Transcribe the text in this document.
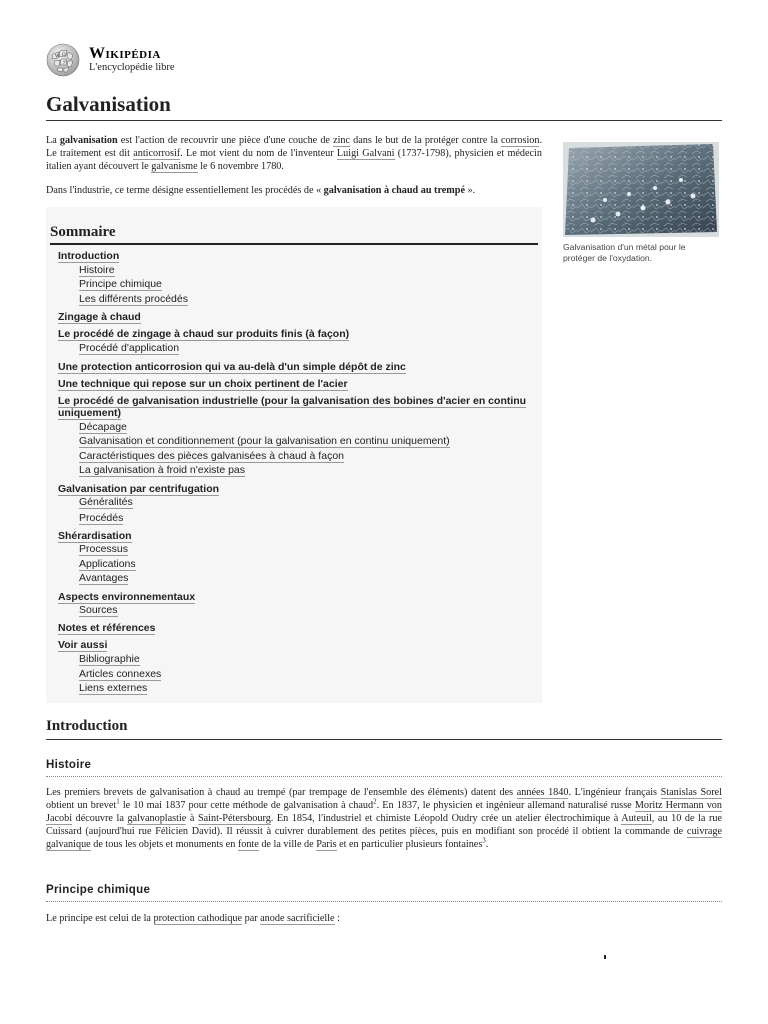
W Ω
ア
Wikipédia
L'encyclopédie libre
Galvanisation

La galvanisation est l'action de recouvrir une pièce d'une couche de zinc dans le but de la protéger contre la corrosion. Le traitement est dit anticorrosif. Le mot vient du nom de l'inventeur Luigi Galvani (1737-1798), physicien et médecin italien ayant découvert le galvanisme le 6 novembre 1780.

Dans l'industrie, ce terme désigne essentiellement les procédés de « galvanisation à chaud au trempé ».

Galvanisation d'un métal pour le protéger de l'oxydation.
Sommaire
Introduction
Histoire
Principe chimique
Les différents procédés
Zingage à chaud
Le procédé de zingage à chaud sur produits finis (à façon)
Procédé d'application
Une protection anticorrosion qui va au-delà d'un simple dépôt de zinc
Une technique qui repose sur un choix pertinent de l'acier
Le procédé de galvanisation industrielle (pour la galvanisation des bobines d'acier en continu uniquement)
Décapage
Galvanisation et conditionnement (pour la galvanisation en continu uniquement)
Caractéristiques des pièces galvanisées à chaud à façon
La galvanisation à froid n'existe pas
Galvanisation par centrifugation
Généralités
Procédés
Shérardisation
Processus
Applications
Avantages
Aspects environnementaux
Sources
Notes et références
Voir aussi
Bibliographie
Articles connexes
Liens externes
Introduction
Histoire

Les premiers brevets de galvanisation à chaud au trempé (par trempage de l'ensemble des éléments) datent des années 1840. L'ingénieur français Stanislas Sorel obtient un brevet$^1$ le 10 mai 1837 pour cette méthode de galvanisation à chaud$^2$. En 1837, le physicien et ingénieur allemand naturalisé russe Moritz Hermann von Jacobi découvre la galvanoplastie à Saint-Pétersbourg. En 1854, l'industriel et chimiste Léopold Oudry crée un atelier électrochimique à Auteuil, au 10 de la rue Cuissard (aujourd'hui rue Félicien David). Il réussit à cuivrer durablement des petites pièces, puis en modifiant son procédé il obtient la commande de cuivrage galvanique de tous les objets et monuments en fonte de la ville de Paris et en particulier plusieurs fontaines$^3$.

Principe chimique

Le principe est celui de la protection cathodique par anode sacrificielle :
